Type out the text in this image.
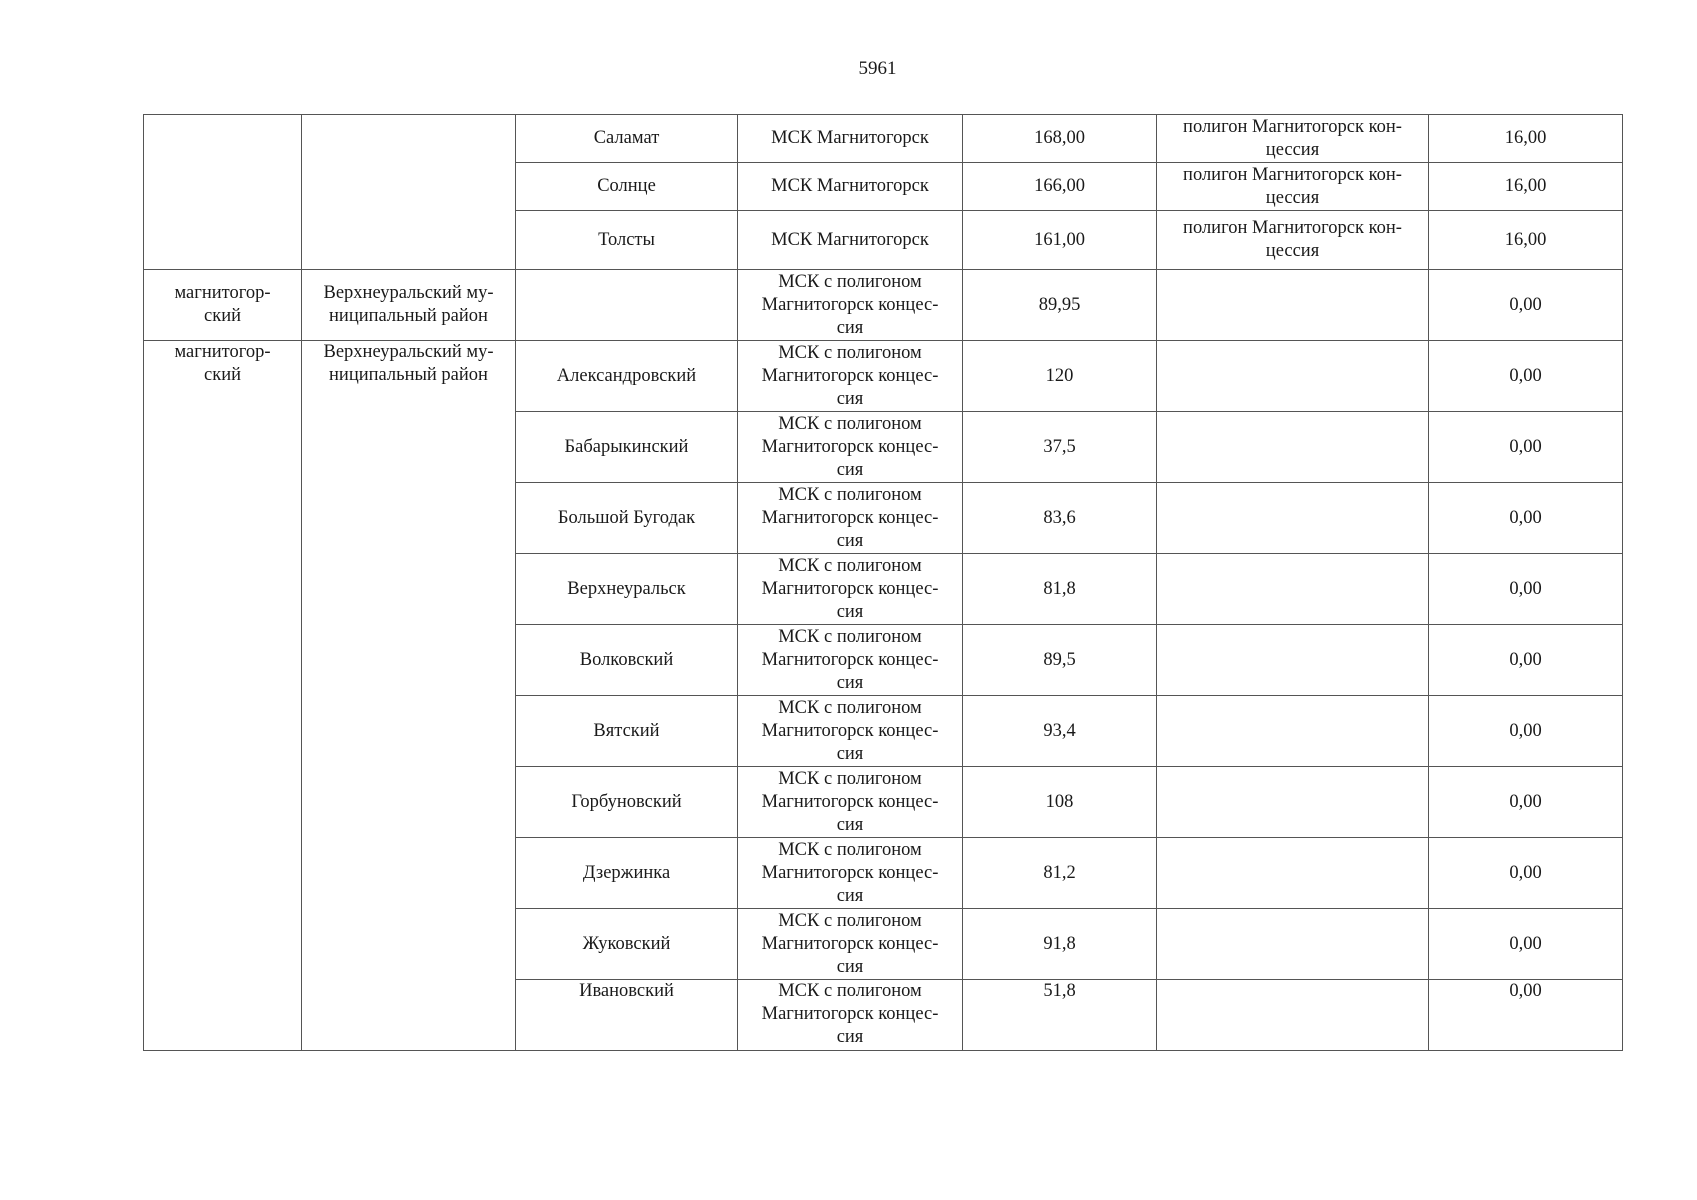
5961
		Саламат	МСК Магнитогорск	168,00	полигон Магнитогорск кон- цессия	16,00
		Солнце	МСК Магнитогорск	166,00	полигон Магнитогорск кон- цессия	16,00
		Толсты	МСК Магнитогорск	161,00	полигон Магнитогорск кон- цессия	16,00
магнитогор- ский	Верхнеуральский му- ниципальный район		МСК с полигоном Магнитогорск концес- сия	89,95		0,00
магнитогор- ский	Верхнеуральский му- ниципальный район	Александровский	МСК с полигоном Магнитогорск концес- сия	120		0,00
		Бабарыкинский	МСК с полигоном Магнитогорск концес- сия	37,5		0,00
		Большой Бугодак	МСК с полигоном Магнитогорск концес- сия	83,6		0,00
		Верхнеуральск	МСК с полигоном Магнитогорск концес- сия	81,8		0,00
		Волковский	МСК с полигоном Магнитогорск концес- сия	89,5		0,00
		Вятский	МСК с полигоном Магнитогорск концес- сия	93,4		0,00
		Горбуновский	МСК с полигоном Магнитогорск концес- сия	108		0,00
		Дзержинка	МСК с полигоном Магнитогорск концес- сия	81,2		0,00
		Жуковский	МСК с полигоном Магнитогорск концес- сия	91,8		0,00
		Ивановский	МСК с полигоном Магнитогорск концес- сия	51,8		0,00
